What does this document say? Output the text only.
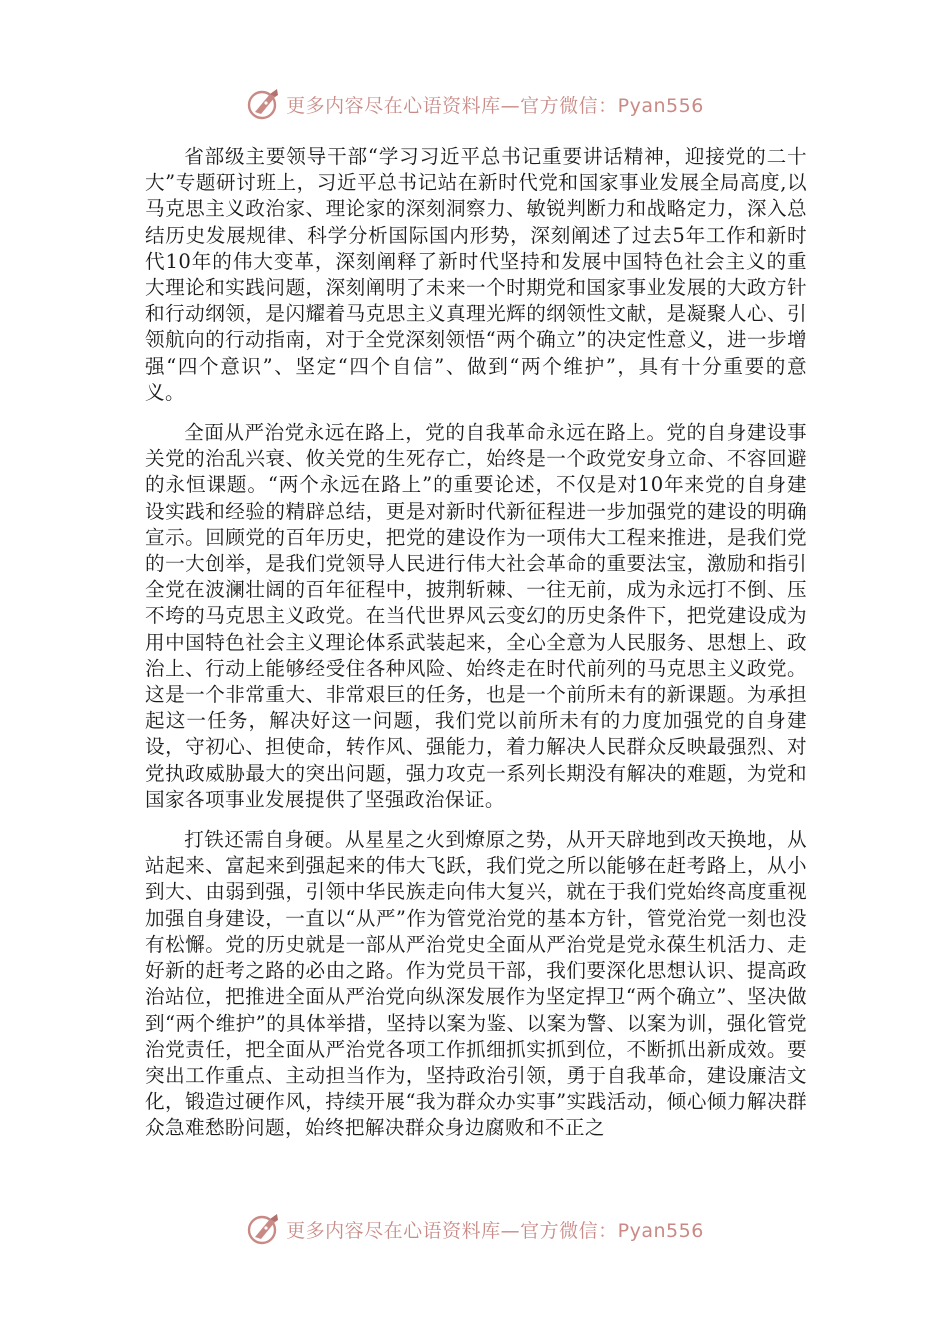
更多内容尽在心语资料库—官方微信：Pyan556

省部级主要领导干部“学习习近平总书记重要讲话精神，迎接党的二十大”专题研讨班上，习近平总书记站在新时代党和国家事业发展全局高度,以马克思主义政治家、理论家的深刻洞察力、敏锐判断力和战略定力，深入总结历史发展规律、科学分析国际国内形势，深刻阐述了过去5年工作和新时代10年的伟大变革，深刻阐释了新时代坚持和发展中国特色社会主义的重大理论和实践问题，深刻阐明了未来一个时期党和国家事业发展的大政方针和行动纲领，是闪耀着马克思主义真理光辉的纲领性文献，是凝聚人心、引领航向的行动指南，对于全党深刻领悟“两个确立”的决定性意义，进一步增强“四个意识”、坚定“四个自信”、做到“两个维护”，具有十分重要的意义。

全面从严治党永远在路上，党的自我革命永远在路上。党的自身建设事关党的治乱兴衰、攸关党的生死存亡，始终是一个政党安身立命、不容回避的永恒课题。“两个永远在路上”的重要论述，不仅是对10年来党的自身建设实践和经验的精辟总结，更是对新时代新征程进一步加强党的建设的明确宣示。回顾党的百年历史，把党的建设作为一项伟大工程来推进，是我们党的一大创举，是我们党领导人民进行伟大社会革命的重要法宝，激励和指引全党在波澜壮阔的百年征程中，披荆斩棘、一往无前，成为永远打不倒、压不垮的马克思主义政党。在当代世界风云变幻的历史条件下，把党建设成为用中国特色社会主义理论体系武装起来，全心全意为人民服务、思想上、政治上、行动上能够经受住各种风险、始终走在时代前列的马克思主义政党。这是一个非常重大、非常艰巨的任务，也是一个前所未有的新课题。为承担起这一任务，解决好这一问题，我们党以前所未有的力度加强党的自身建设，守初心、担使命，转作风、强能力，着力解决人民群众反映最强烈、对党执政威胁最大的突出问题，强力攻克一系列长期没有解决的难题，为党和国家各项事业发展提供了坚强政治保证。

打铁还需自身硬。从星星之火到燎原之势，从开天辟地到改天换地，从站起来、富起来到强起来的伟大飞跃，我们党之所以能够在赶考路上，从小到大、由弱到强，引领中华民族走向伟大复兴，就在于我们党始终高度重视加强自身建设，一直以“从严”作为管党治党的基本方针，管党治党一刻也没有松懈。党的历史就是一部从严治党史全面从严治党是党永葆生机活力、走好新的赶考之路的必由之路。作为党员干部，我们要深化思想认识、提高政治站位，把推进全面从严治党向纵深发展作为坚定捍卫“两个确立”、坚决做到“两个维护”的具体举措，坚持以案为鉴、以案为警、以案为训，强化管党治党责任，把全面从严治党各项工作抓细抓实抓到位，不断抓出新成效。要突出工作重点、主动担当作为，坚持政治引领，勇于自我革命，建设廉洁文化，锻造过硬作风，持续开展“我为群众办实事”实践活动，倾心倾力解决群众急难愁盼问题，始终把解决群众身边腐败和不正之

更多内容尽在心语资料库—官方微信：Pyan556
